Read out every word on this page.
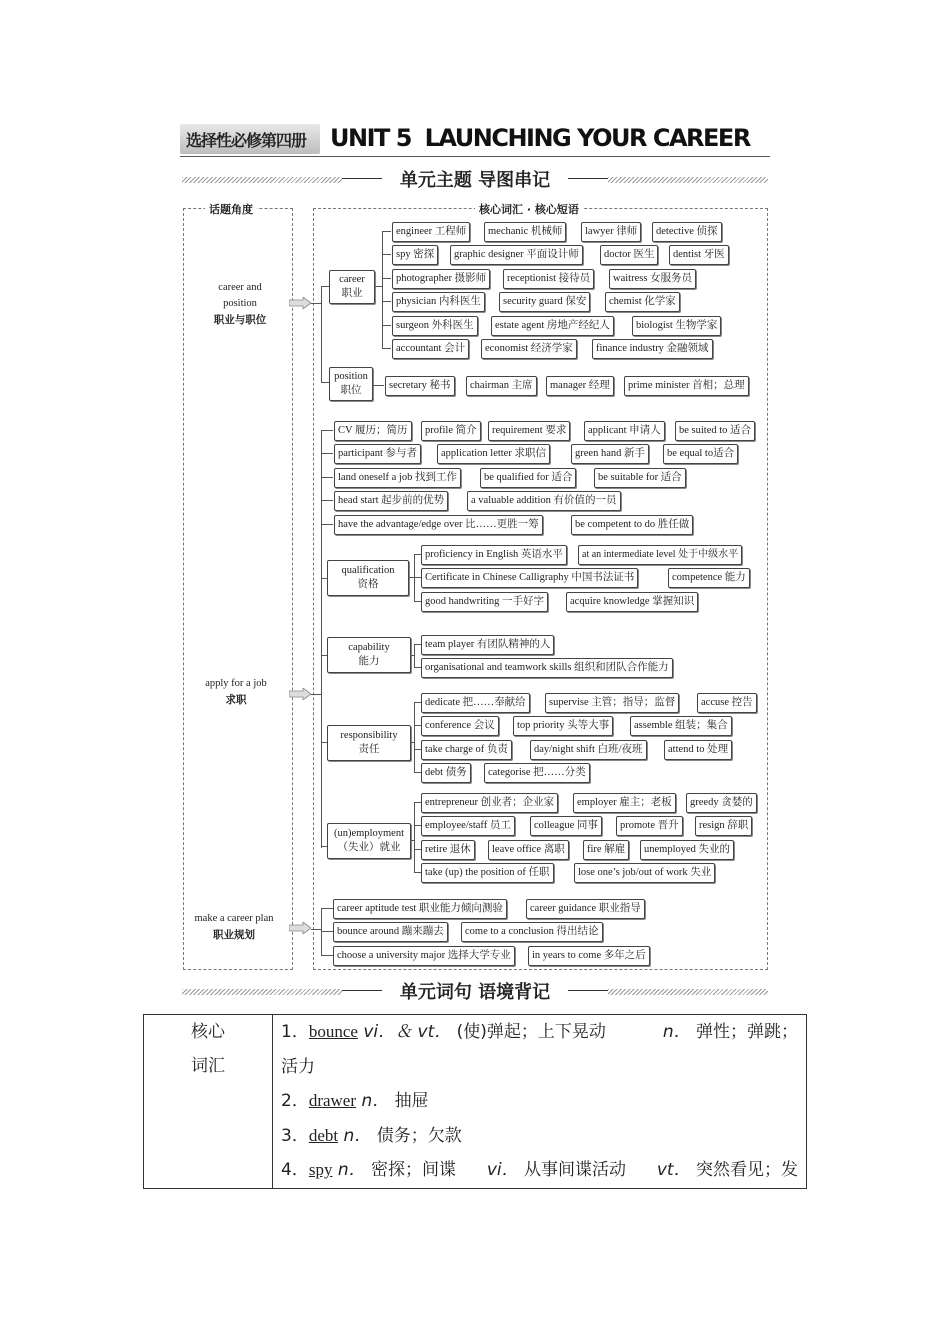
选择性必修第四册 UNIT 5  LAUNCHING YOUR CAREER
单元主题 导图串记
话题角度	核心词汇 · 核心短语
career and position
职业与职位
apply for a job
求职
make a career plan
职业规划
career
职业
engineer 工程师	mechanic 机械师	lawyer 律师	detective 侦探
spy 密探	graphic designer 平面设计师	doctor 医生	dentist 牙医
photographer 摄影师	receptionist 接待员	waitress 女服务员
physician 内科医生	security guard 保安	chemist 化学家
surgeon 外科医生	estate agent 房地产经纪人	biologist 生物学家
accountant 会计	economist 经济学家	finance industry 金融领域
position
职位	secretary 秘书	chairman 主席	manager 经理	prime minister 首相；总理
CV 履历；简历	profile 简介	requirement 要求	applicant 申请人	be suited to 适合
participant 参与者	application letter 求职信	green hand 新手	be equal to适合
land oneself a job 找到工作	be qualified for 适合	be suitable for 适合
head start 起步前的优势	a valuable addition 有价值的一员
have the advantage/edge over 比……更胜一筹	be competent to do 胜任做
qualification
资格
proficiency in English 英语水平	at an intermediate level 处于中级水平
Certificate in Chinese Calligraphy 中国书法证书	competence 能力
good handwriting 一手好字	acquire knowledge 掌握知识
capability
能力
team player 有团队精神的人
organisational and teamwork skills 组织和团队合作能力
responsibility
责任
dedicate 把……奉献给	supervise 主管；指导；监督	accuse 控告
conference 会议	top priority 头等大事	assemble 组装；集合
take charge of 负责	day/night shift 白班/夜班	attend to 处理
debt 债务	categorise 把……分类
(un)employment
（失业）就业
entrepreneur 创业者；企业家	employer 雇主；老板	greedy 贪婪的
employee/staff 员工	colleague 同事	promote 晋升	resign 辞职
retire 退休	leave office 离职	fire 解雇	unemployed 失业的
take (up) the position of 任职	lose one’s job/out of work 失业
career aptitude test 职业能力倾向测验	career guidance 职业指导
bounce around 蹦来蹦去	come to a conclusion 得出结论
choose a university major 选择大学专业	in years to come 多年之后
单元词句 语境背记
核心
词汇

1．bounce vi．＆ vt． (使)弹起；上下晃动	n． 弹性；弹跳；
活力
2．drawer n． 抽屉
3．debt n． 债务；欠款
4．spy n． 密探；间谍 vi． 从事间谍活动 vt． 突然看见；发
